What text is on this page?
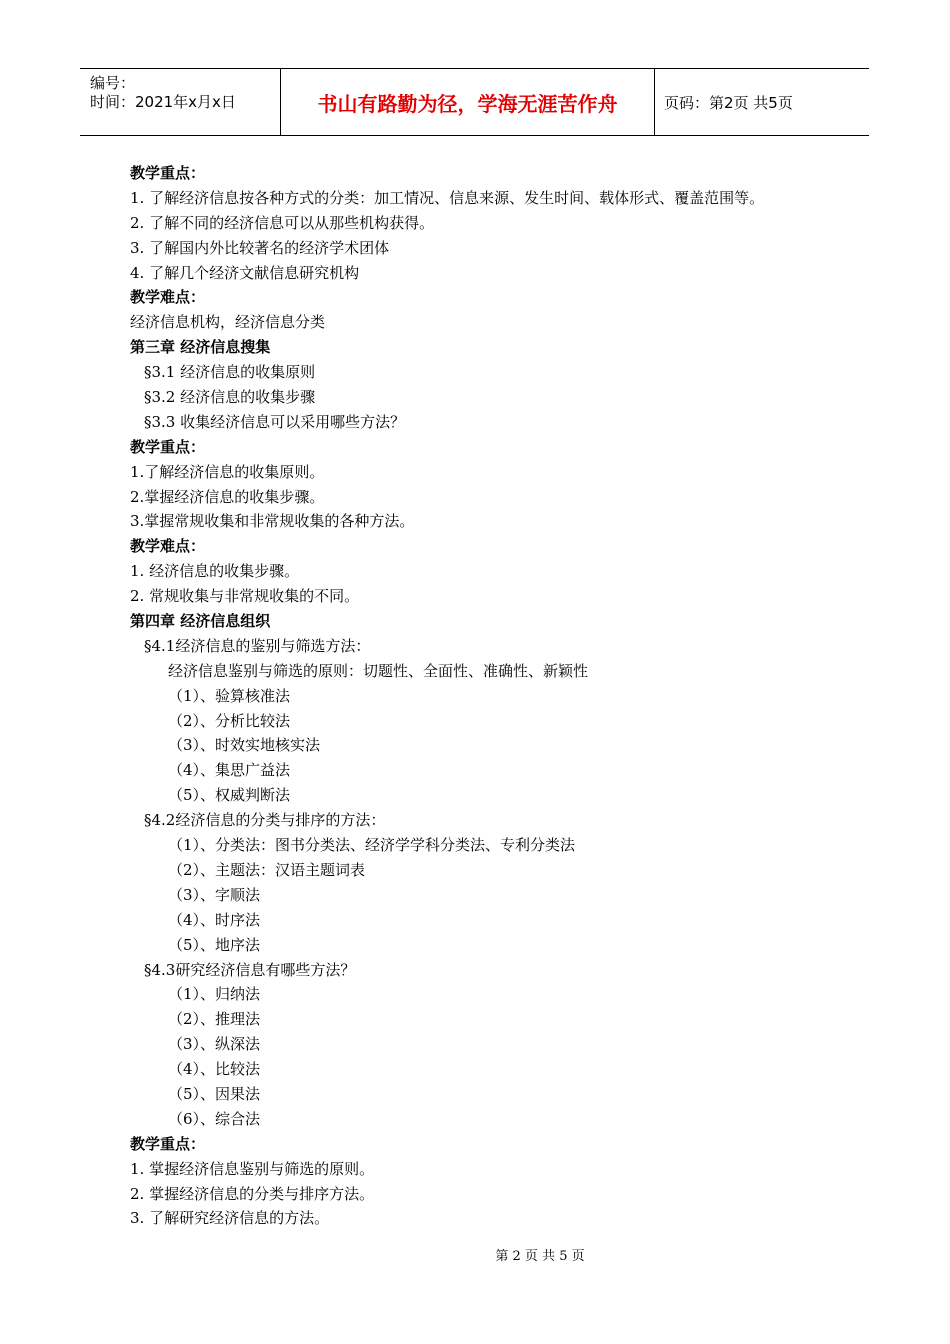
编号：
时间：2021年x月x日	书山有路勤为径，学海无涯苦作舟	页码：第2页 共5页
教学重点：
1. 了解经济信息按各种方式的分类：加工情况、信息来源、发生时间、载体形式、覆盖范围等。
2. 了解不同的经济信息可以从那些机构获得。
3. 了解国内外比较著名的经济学术团体
4. 了解几个经济文献信息研究机构
教学难点：
经济信息机构，经济信息分类
第三章 经济信息搜集
§3.1 经济信息的收集原则
§3.2 经济信息的收集步骤
§3.3 收集经济信息可以采用哪些方法？
教学重点：
1.了解经济信息的收集原则。
2.掌握经济信息的收集步骤。
3.掌握常规收集和非常规收集的各种方法。
教学难点：
1. 经济信息的收集步骤。
2. 常规收集与非常规收集的不同。
第四章 经济信息组织
§4.1经济信息的鉴别与筛选方法：
经济信息鉴别与筛选的原则：切题性、全面性、准确性、新颖性
（1）、验算核准法
（2）、分析比较法
（3）、时效实地核实法
（4）、集思广益法
（5）、权威判断法
§4.2经济信息的分类与排序的方法：
（1）、分类法：图书分类法、经济学学科分类法、专利分类法
（2）、主题法：汉语主题词表
（3）、字顺法
（4）、时序法
（5）、地序法
§4.3研究经济信息有哪些方法？
（1）、归纳法
（2）、推理法
（3）、纵深法
（4）、比较法
（5）、因果法
（6）、综合法
教学重点：
1. 掌握经济信息鉴别与筛选的原则。
2. 掌握经济信息的分类与排序方法。
3. 了解研究经济信息的方法。
第 2 页 共 5 页
